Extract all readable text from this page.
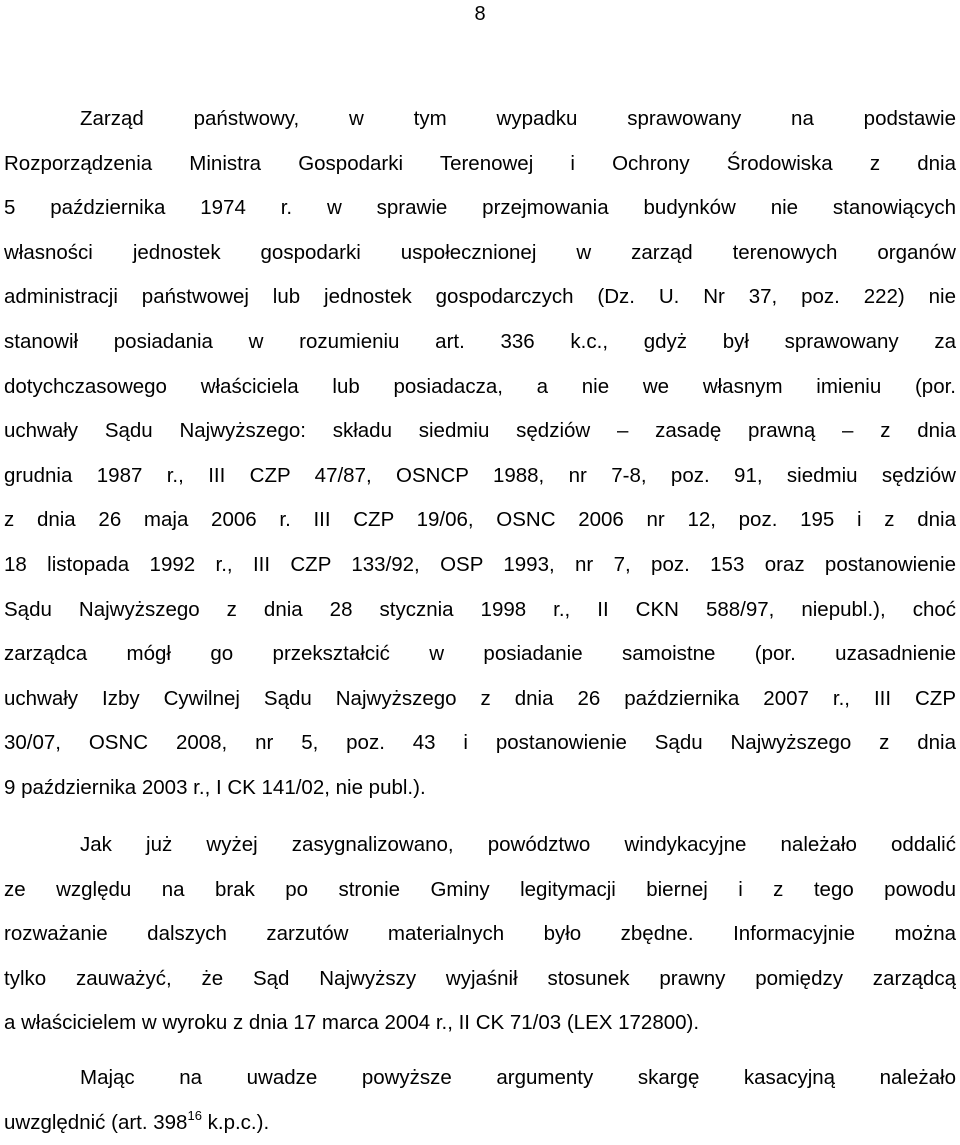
8
Zarząd państwowy, w tym wypadku sprawowany na podstawie
Rozporządzenia Ministra Gospodarki Terenowej i Ochrony Środowiska z dnia
5 października 1974 r. w sprawie przejmowania budynków nie stanowiących
własności jednostek gospodarki uspołecznionej w zarząd terenowych organów
administracji państwowej lub jednostek gospodarczych (Dz. U. Nr 37, poz. 222) nie
stanowił posiadania w rozumieniu art. 336 k.c., gdyż był sprawowany za
dotychczasowego właściciela lub posiadacza, a nie we własnym imieniu (por.
uchwały Sądu Najwyższego: składu siedmiu sędziów – zasadę prawną – z dnia
grudnia 1987 r., III CZP 47/87, OSNCP 1988, nr 7-8, poz. 91, siedmiu sędziów
z dnia 26 maja 2006 r. III CZP 19/06, OSNC 2006 nr 12, poz. 195 i z dnia
18 listopada 1992 r., III CZP 133/92, OSP 1993, nr 7, poz. 153 oraz postanowienie
Sądu Najwyższego z dnia 28 stycznia 1998 r., II CKN 588/97, niepubl.), choć
zarządca mógł go przekształcić w posiadanie samoistne (por. uzasadnienie
uchwały Izby Cywilnej Sądu Najwyższego z dnia 26 października 2007 r., III CZP
30/07, OSNC 2008, nr 5, poz. 43 i postanowienie Sądu Najwyższego z dnia
9 października 2003 r., I CK 141/02, nie publ.).
Jak już wyżej zasygnalizowano, powództwo windykacyjne należało oddalić
ze względu na brak po stronie Gminy legitymacji biernej i z tego powodu
rozważanie dalszych zarzutów materialnych było zbędne. Informacyjnie można
tylko zauważyć, że Sąd Najwyższy wyjaśnił stosunek prawny pomiędzy zarządcą
a właścicielem w wyroku z dnia 17 marca 2004 r., II CK 71/03 (LEX 172800).
Mając na uwadze powyższe argumenty skargę kasacyjną należało
uwzględnić (art. $398^{16}$ k.p.c.).
